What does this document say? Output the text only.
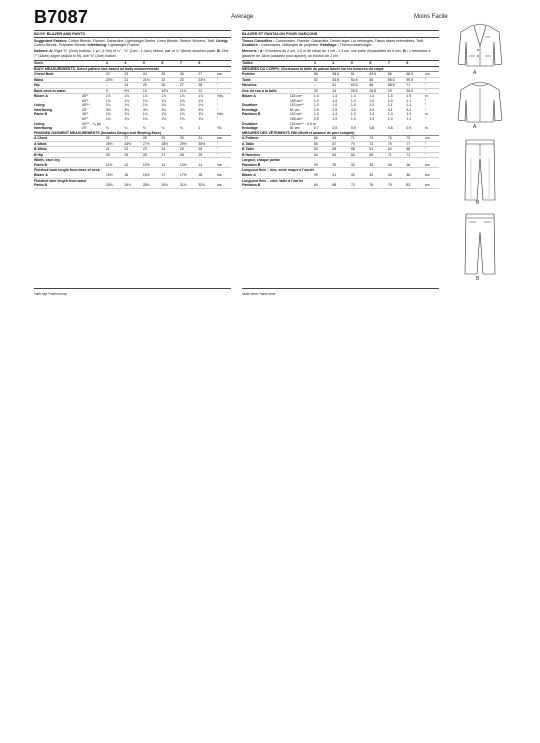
B7087	Average	Moins Facile
BOYS' BLAZER AND PANTS
Suggested Fabrics: Cotton Blends, Flannel, Gabardine, Lightweight Denim, Linen Blends, Stretch Wovens, Twill. Lining: Cotton Blends, Polyester Blends. Interfacing: Lightweight Fusible.
Notions: A: Eight ⅝" (2cm) buttons, 1 yd. (1.0m) of ¼" - ½" (1cm - 1.3cm) ribbon, pair of ¼" (6mm) shoulder pads. B: One 7" (18cm) zipper (adjust to fit), one ⅝" (2cm) button.
Sizes		3	4	5	6	7	8	
BODY MEASUREMENTS: Select pattern size based on body measurements								
Chest/ Bust		22	23	24	25	26	27	Ins.
Waist		20½	21	21½	22	23	23½	"
Hip		–	24	25	26	27	28	"
Back-neck to waist		9	9½	10	10½	11½	12	"
Blazer A	45"*	1⅞	1⅞	1⅞	1⅞	1⅞	1⅞	Yds.
	60"*	1⅛	1⅛	1⅛	1⅛	1⅛	1⅛	"
Lining	45"**	1⅛	1⅛	1⅛	1⅛	1⅛	1⅛	"
Interfacing	20"	3⅛	3⅛	3⅛	3⅛	3⅛	3⅛	"
Pants B	45"*	1⅛	1⅛	1⅛	1⅛	1⅛	1⅛	Yds.
	60"*	1⅛	1⅛	1⅛	1⅛	1⅛	1⅛	"
Lining	45"** - ¼ yd.							
Interfacing	20"	⅛	⅛	⅛	⅛	⅛	1	Yd.
FINISHED GARMENT MEASUREMENTS (Includes Design and Wearing Ease)								
A Chest		26	27	28	29	30	31	Ins.
A Waist		25½	26½	27½	28½	29½	30½	"
B Waist		21	22	23	24	25	26	"
B Hip		25	25	26	27	28	29	"
Width, each leg								
Pants B		11½	12	12½	13	13½	14	Ins.
Finished back length from base of neck								
Blazer A		15½	16	16½	17	17½	18	Ins.
Finished side length from waist								
Pants B		25⅛	26⅛	28⅛	29⅛	31⅛	32⅛	Ins.
BLAZER ET PANTALON POUR GARÇONS
Tissus Conseillés : Cotonnades, Flanelle, Gabardine, Denim léger, Lin mélangés, Tissus tissés extensibles, Twill. Doublure : Cotonnades, Mélanges de polyester. Entoilage : Thermocollant léger.
Mercerie : A : 8 boutons de 2 cm, 1,0 m de ruban de 1 cm - 1.3 cm, une paire d'épaulettes de 6 mm. B : 1 fermeture à glissière de 18cm (adaptez pour ajuster), un bouton de 2 cm.
Tailles		3	4	5	6	7	8	
MESURES DU CORPS: Choisissez la taille du patron basée sur les mesures du corps								
Poitrine		56	58.5	61	63.5	66	68.5	cm
Taille		52	53.5	54.5	56	58.5	59.5	"
Hanches		–	61	63.5	66	68.5	71	"
Dos du cou à la taille		23	24	25.5	26.5	29	30.5	"
Blazer A	115 cm*	1.4	1.4	1.4	1.4	1.5	1.5	m
	150 cm*	1.0	1.0	1.0	1.0	1.0	1.1	"
Doublure	115 cm**	1.0	1.0	1.0	1.0	1.1	1.1	"
Entoilage	51 cm	2.9	2.9	3.0	3.0	3.1	3.2	"
Pantalon B	115 cm*	1.3	1.3	1.3	1.4	1.4	1.4	m
	150 cm*	0.9	1.0	1.0	1.0	1.0	1.1	"
Doublure	115 cm** - 0.6 m							
Entoilage	51 cm	0.7	0.8	0.8	0.8	0.8	0.9	m
MESURES DES VÊTEMENTS FINI (Motif et aisance de port compris)								
A Poitrine		66	69	71	74	76	79	cm
A Taille		65	67	70	72	75	77	"
B Taille		53	56	58	61	64	66	"
B Hanches		64	64	66	69	71	74	"
Largeur, chaque jambe								
Pantalon B		29	30	32	33	34	36	cm
Longueur finie – dos, votre noque à l'ourlet								
Blazer A		39	41	42	43	44	46	cm
Longueur finie – côté, taille à l'ourlet								
Pantalon B		64	68	72	76	79	83	cm
*with nap **without nap	*avec sens **sans sens
A
A
B
B
